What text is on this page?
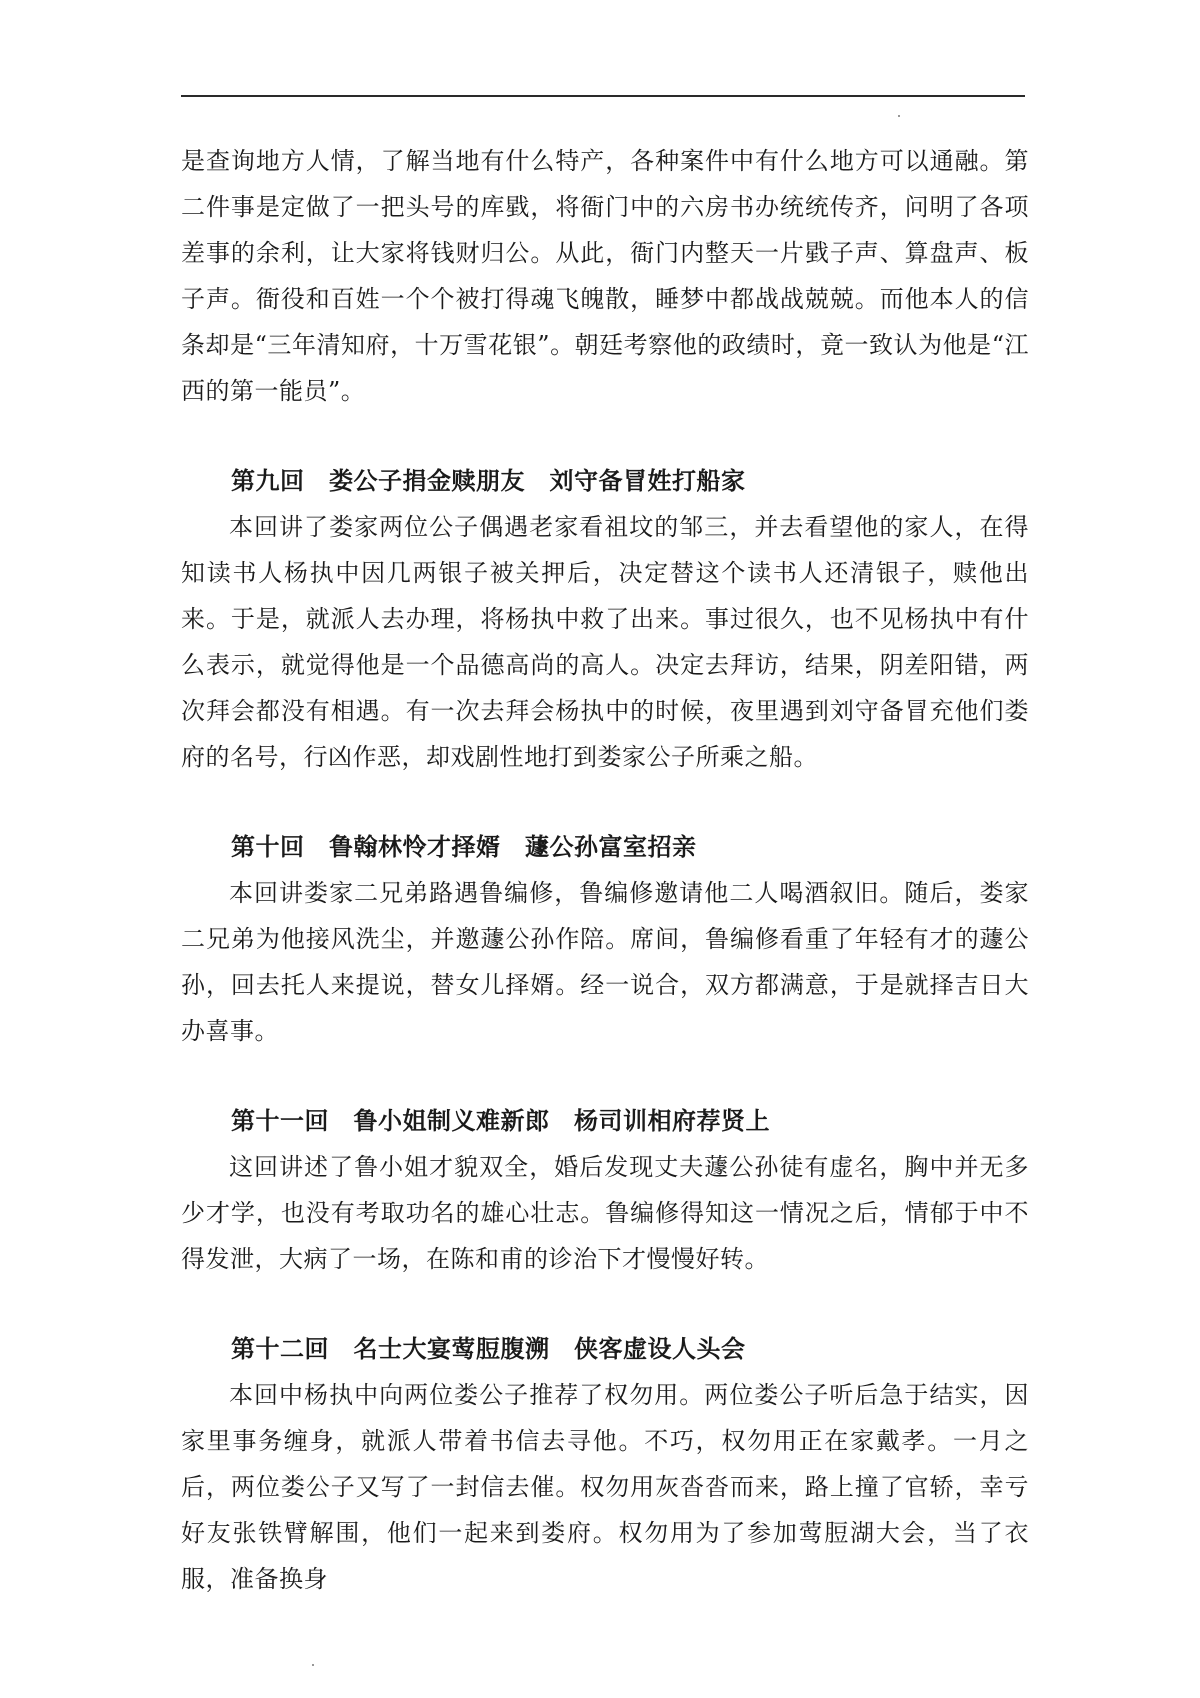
是查询地方人情，了解当地有什么特产，各种案件中有什么地方可以通融。第二件事是定做了一把头号的库戥，将衙门中的六房书办统统传齐，问明了各项差事的余利，让大家将钱财归公。从此，衙门内整天一片戥子声、算盘声、板子声。衙役和百姓一个个被打得魂飞魄散，睡梦中都战战兢兢。而他本人的信条却是“三年清知府，十万雪花银”。朝廷考察他的政绩时，竟一致认为他是“江西的第一能员”。

第九回　娄公子捐金赎朋友　刘守备冒姓打船家

本回讲了娄家两位公子偶遇老家看祖坟的邹三，并去看望他的家人，在得知读书人杨执中因几两银子被关押后，决定替这个读书人还清银子，赎他出来。于是，就派人去办理，将杨执中救了出来。事过很久，也不见杨执中有什么表示，就觉得他是一个品德高尚的高人。决定去拜访，结果，阴差阳错，两次拜会都没有相遇。有一次去拜会杨执中的时候，夜里遇到刘守备冒充他们娄府的名号，行凶作恶，却戏剧性地打到娄家公子所乘之船。

第十回　鲁翰林怜才择婿　蘧公孙富室招亲

本回讲娄家二兄弟路遇鲁编修，鲁编修邀请他二人喝酒叙旧。随后，娄家二兄弟为他接风洗尘，并邀蘧公孙作陪。席间，鲁编修看重了年轻有才的蘧公孙，回去托人来提说，替女儿择婿。经一说合，双方都满意，于是就择吉日大办喜事。

第十一回　鲁小姐制义难新郎　杨司训相府荐贤上

这回讲述了鲁小姐才貌双全，婚后发现丈夫蘧公孙徒有虚名，胸中并无多少才学，也没有考取功名的雄心壮志。鲁编修得知这一情况之后，情郁于中不得发泄，大病了一场，在陈和甫的诊治下才慢慢好转。

第十二回　名士大宴莺脰腹溯　侠客虚设人头会

本回中杨执中向两位娄公子推荐了权勿用。两位娄公子听后急于结实，因家里事务缠身，就派人带着书信去寻他。不巧，权勿用正在家戴孝。一月之后，两位娄公子又写了一封信去催。权勿用灰沓沓而来，路上撞了官轿，幸亏好友张铁臂解围，他们一起来到娄府。权勿用为了参加莺脰湖大会，当了衣服，准备换身
